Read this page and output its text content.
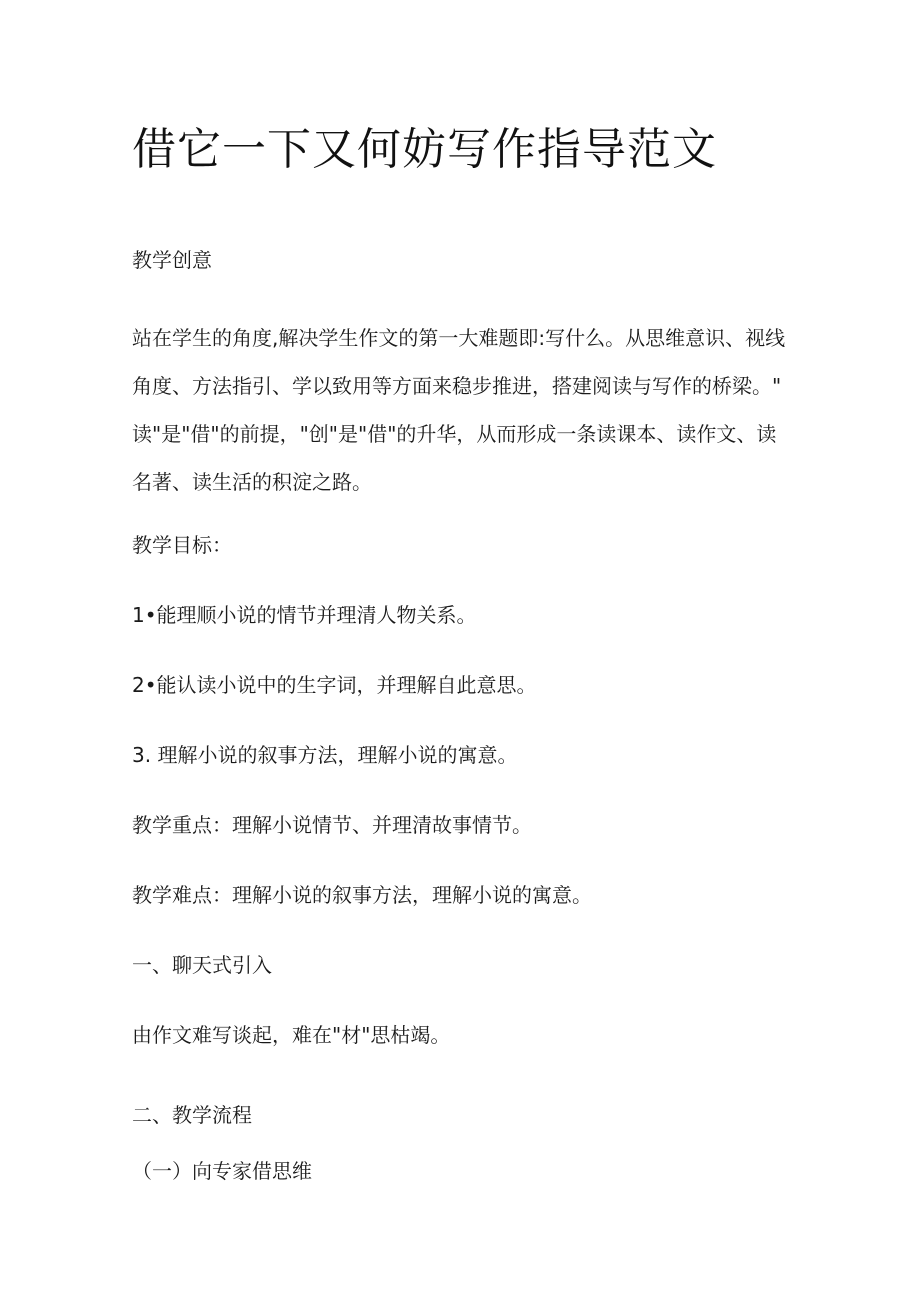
借它一下又何妨写作指导范文

教学创意

站在学生的角度,解决学生作文的第一大难题即:写什么。从思维意识、视线
角度、方法指引、学以致用等方面来稳步推进，搭建阅读与写作的桥梁。"
读"是"借"的前提，"创"是"借"的升华，从而形成一条读课本、读作文、读
名著、读生活的积淀之路。

教学目标：

1•能理顺小说的情节并理清人物关系。

2•能认读小说中的生字词，并理解自此意思。

3. 理解小说的叙事方法，理解小说的寓意。

教学重点：理解小说情节、并理清故事情节。

教学难点：理解小说的叙事方法，理解小说的寓意。

一、聊天式引入

由作文难写谈起，难在"材"思枯竭。

二、教学流程

（一）向专家借思维
